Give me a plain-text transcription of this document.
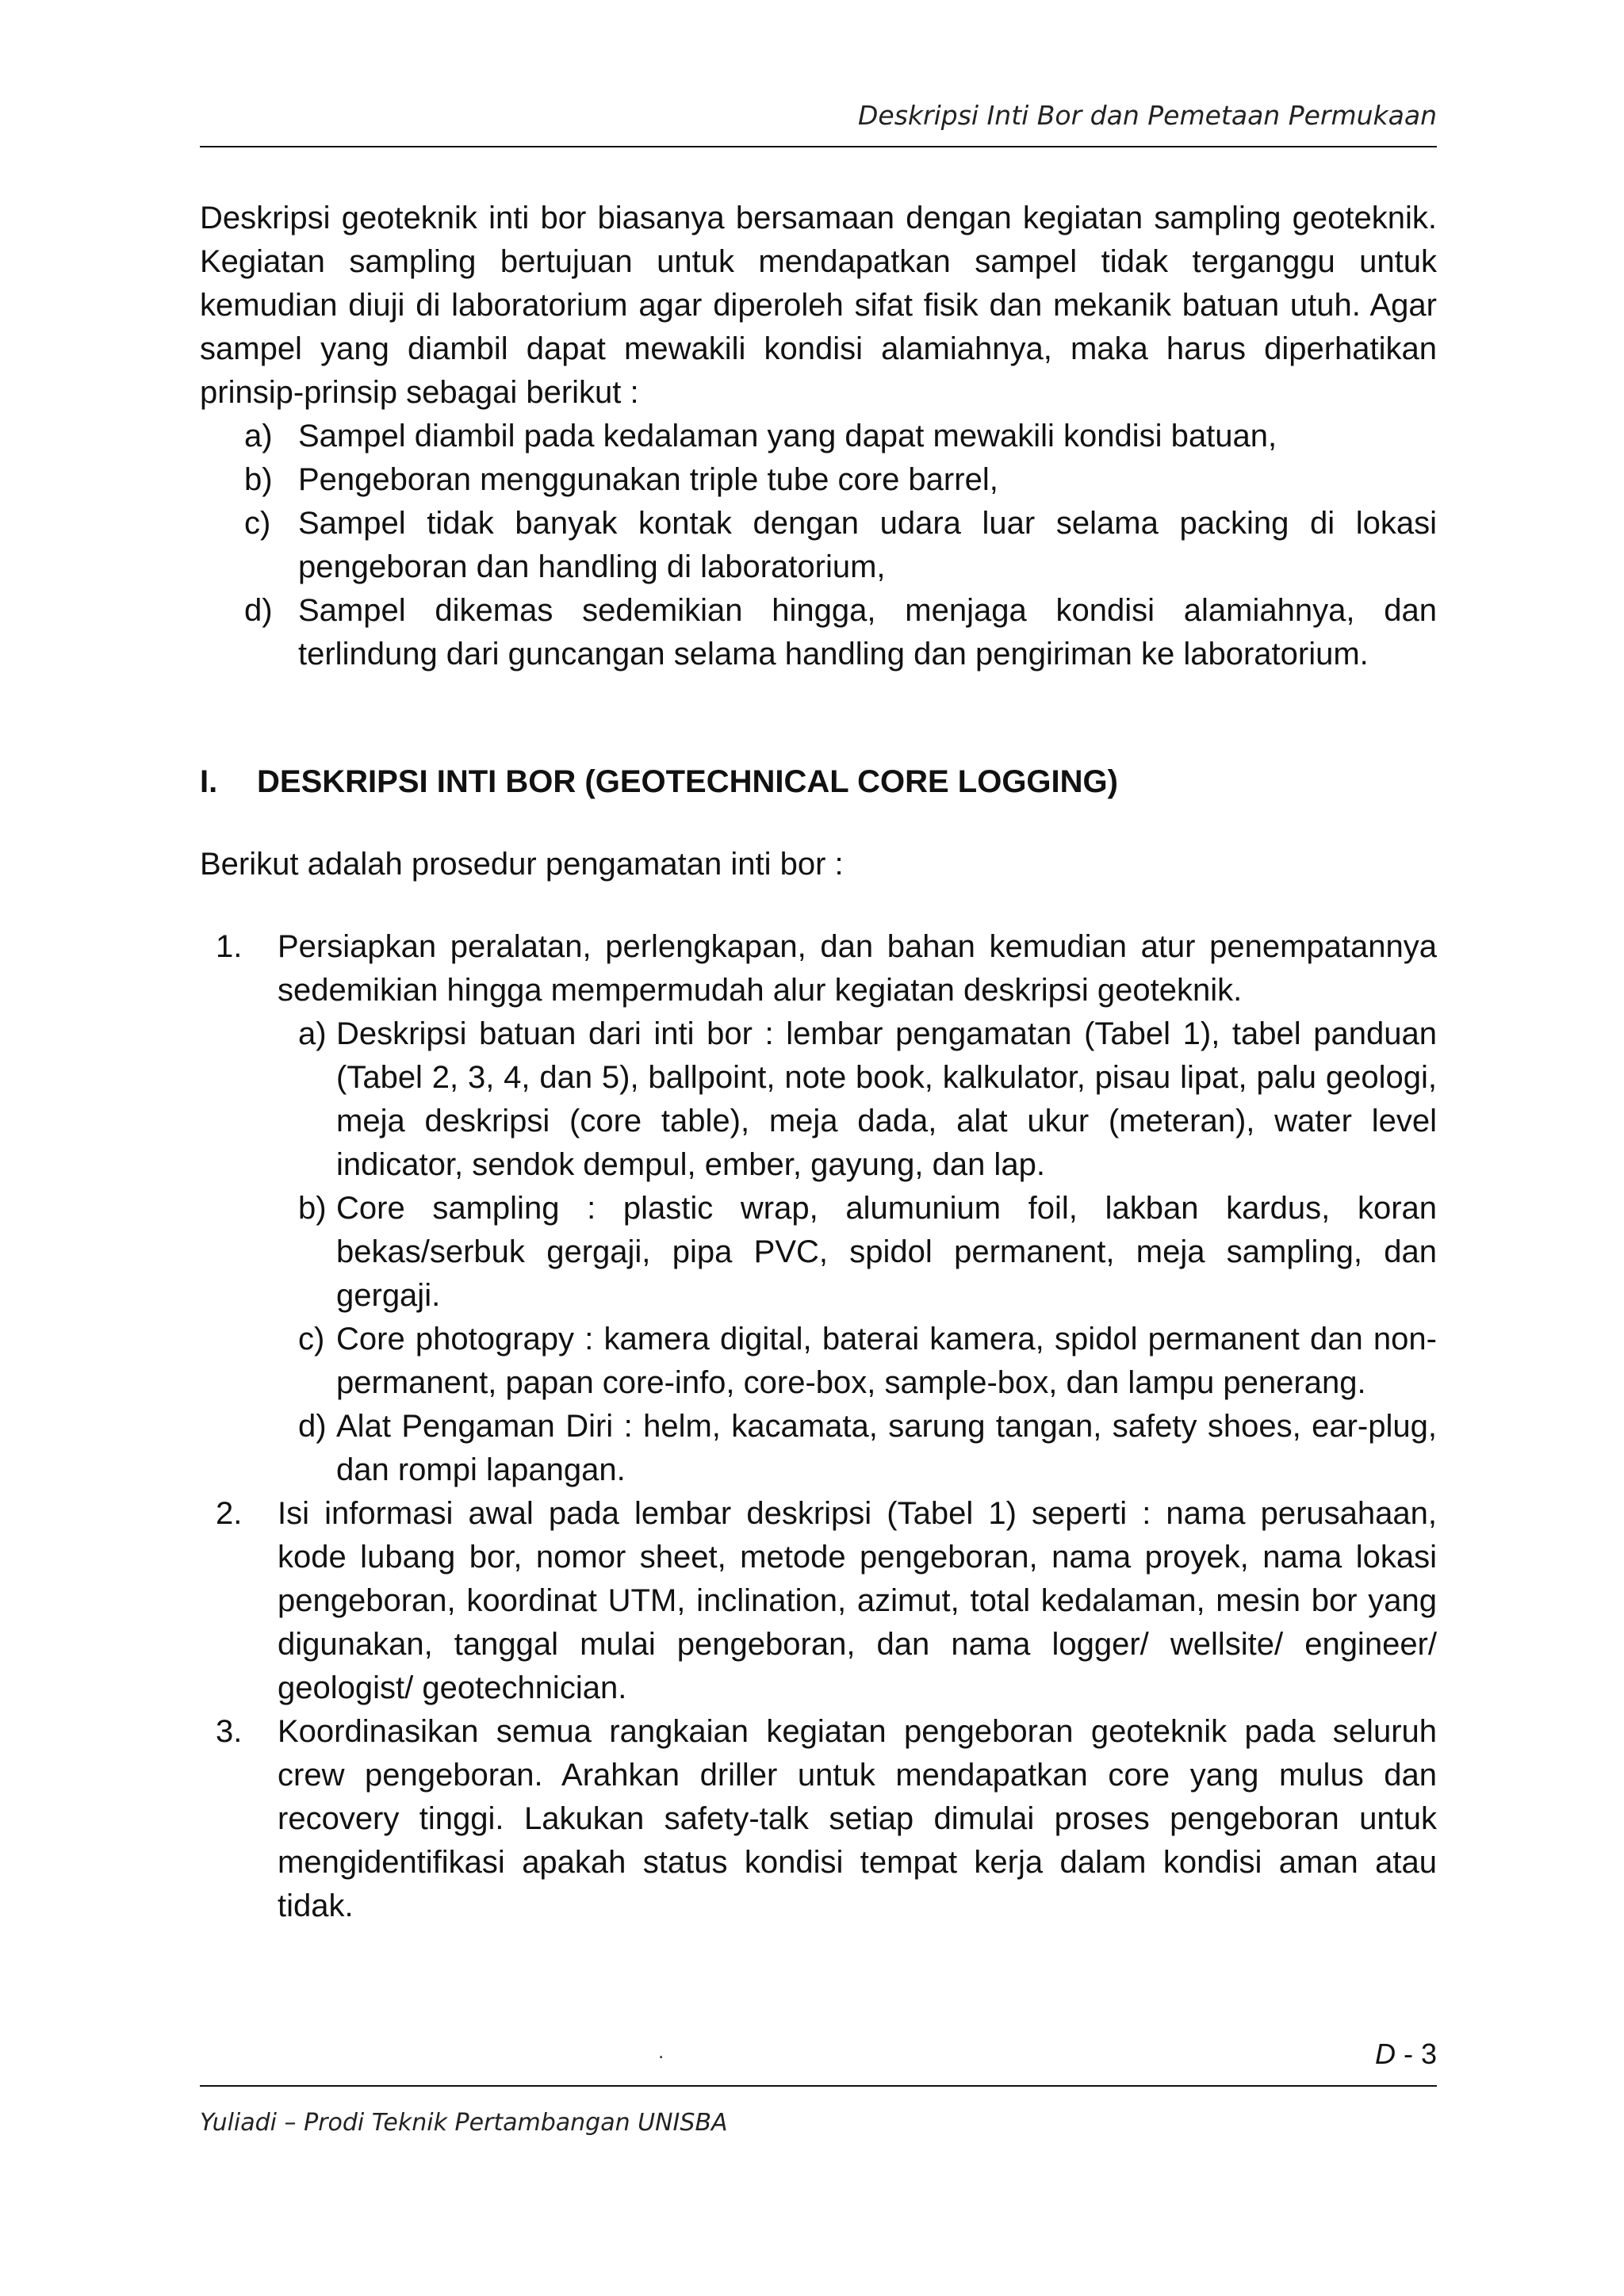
Deskripsi Inti Bor dan Pemetaan Permukaan

Deskripsi geoteknik inti bor biasanya bersamaan dengan kegiatan sampling geoteknik. Kegiatan sampling bertujuan untuk mendapatkan sampel tidak terganggu untuk kemudian diuji di laboratorium agar diperoleh sifat fisik dan mekanik batuan utuh. Agar sampel yang diambil dapat mewakili kondisi alamiahnya, maka harus diperhatikan prinsip-prinsip sebagai berikut :

a) Sampel diambil pada kedalaman yang dapat mewakili kondisi batuan,
b) Pengeboran menggunakan triple tube core barrel,
c) Sampel tidak banyak kontak dengan udara luar selama packing di lokasi pengeboran dan handling di laboratorium,
d) Sampel dikemas sedemikian hingga, menjaga kondisi alamiahnya, dan terlindung dari guncangan selama handling dan pengiriman ke laboratorium.
I.	DESKRIPSI INTI BOR (GEOTECHNICAL CORE LOGGING)

Berikut adalah prosedur pengamatan inti bor :

1. Persiapkan peralatan, perlengkapan, dan bahan kemudian atur penempatannya sedemikian hingga mempermudah alur kegiatan deskripsi geoteknik.
a) Deskripsi batuan dari inti bor : lembar pengamatan (Tabel 1), tabel panduan (Tabel 2, 3, 4, dan 5), ballpoint, note book, kalkulator, pisau lipat, palu geologi, meja deskripsi (core table), meja dada, alat ukur (meteran), water level indicator, sendok dempul, ember, gayung, dan lap.
b) Core sampling : plastic wrap, alumunium foil, lakban kardus, koran bekas/serbuk gergaji, pipa PVC, spidol permanent, meja sampling, dan gergaji.
c) Core photograpy : kamera digital, baterai kamera, spidol permanent dan non-permanent, papan core-info, core-box, sample-box, dan lampu penerang.
d) Alat Pengaman Diri : helm, kacamata, sarung tangan, safety shoes, ear-plug, dan rompi lapangan.
2. Isi informasi awal pada lembar deskripsi (Tabel 1) seperti : nama perusahaan, kode lubang bor, nomor sheet, metode pengeboran, nama proyek, nama lokasi pengeboran, koordinat UTM, inclination, azimut, total kedalaman, mesin bor yang digunakan, tanggal mulai pengeboran, dan nama logger/ wellsite/ engineer/ geologist/ geotechnician.
3. Koordinasikan semua rangkaian kegiatan pengeboran geoteknik pada seluruh crew pengeboran. Arahkan driller untuk mendapatkan core yang mulus dan recovery tinggi. Lakukan safety-talk setiap dimulai proses pengeboran untuk mengidentifikasi apakah status kondisi tempat kerja dalam kondisi aman atau tidak.
.	D - 3
Yuliadi – Prodi Teknik Pertambangan UNISBA
